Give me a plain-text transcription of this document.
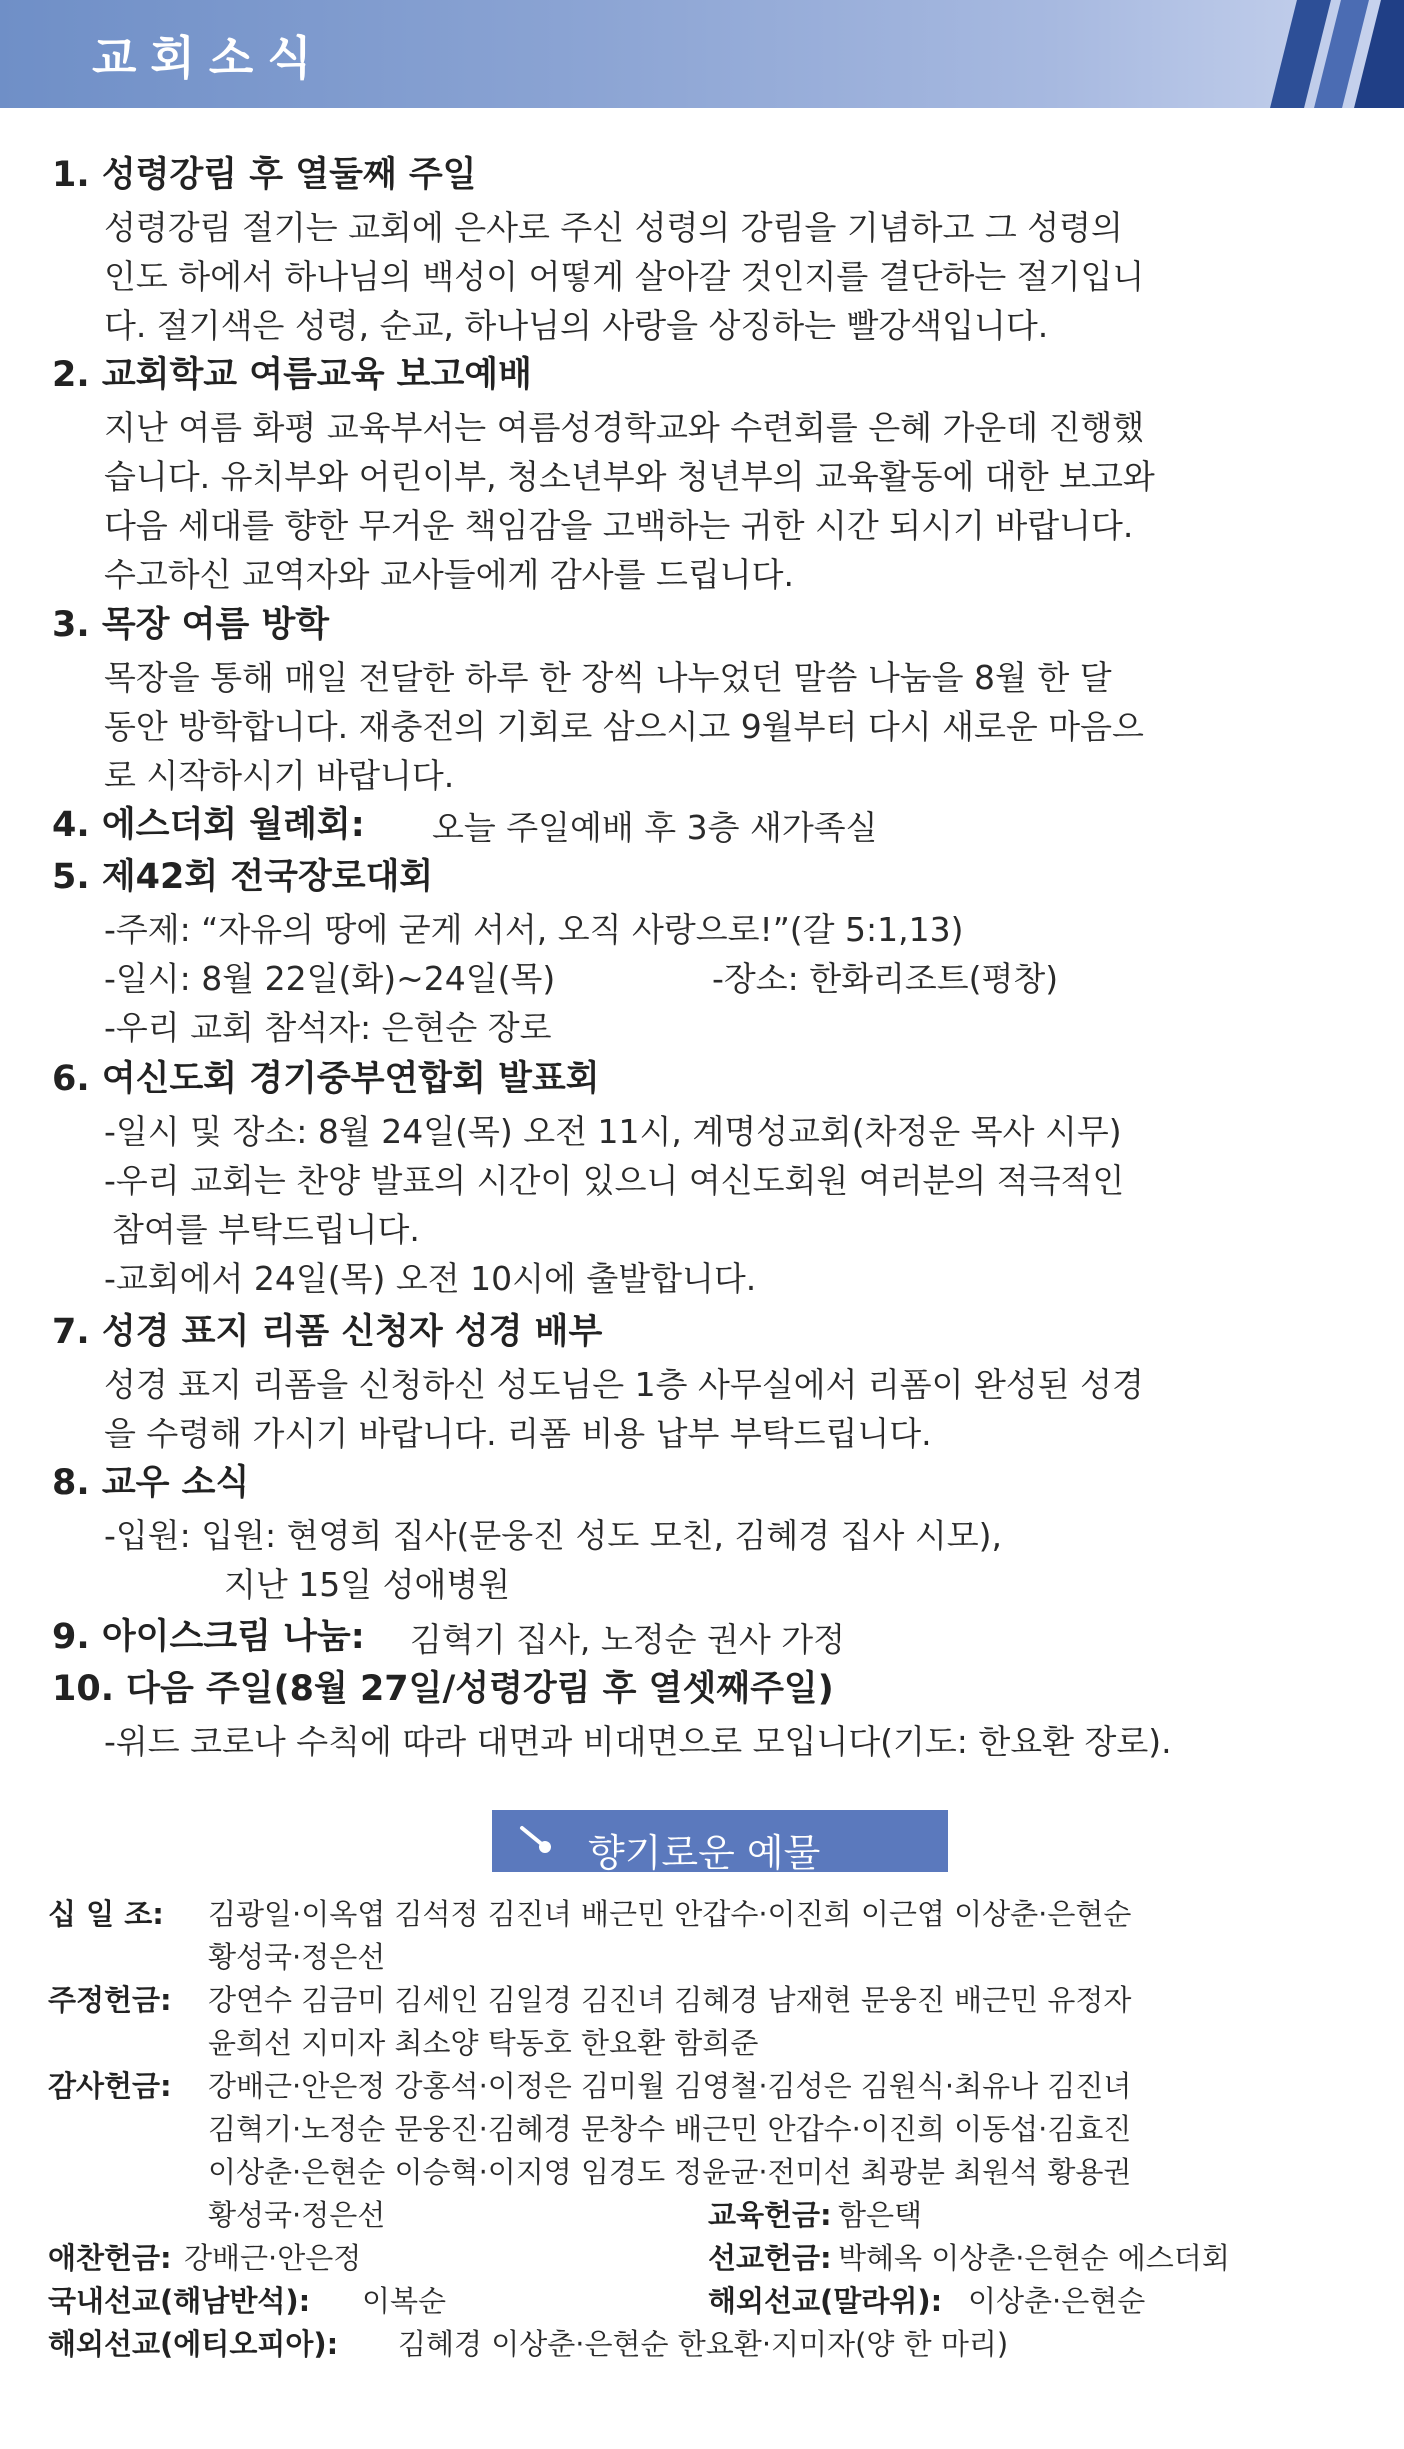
교회소식
1. 성령강림 후 열둘째 주일
성령강림 절기는 교회에 은사로 주신 성령의 강림을 기념하고 그 성령의
인도 하에서 하나님의 백성이 어떻게 살아갈 것인지를 결단하는 절기입니
다. 절기색은 성령, 순교, 하나님의 사랑을 상징하는 빨강색입니다.
2. 교회학교 여름교육 보고예배
지난 여름 화평 교육부서는 여름성경학교와 수련회를 은혜 가운데 진행했
습니다. 유치부와 어린이부, 청소년부와 청년부의 교육활동에 대한 보고와
다음 세대를 향한 무거운 책임감을 고백하는 귀한 시간 되시기 바랍니다.
수고하신 교역자와 교사들에게 감사를 드립니다.
3. 목장 여름 방학
목장을 통해 매일 전달한 하루 한 장씩 나누었던 말씀 나눔을 8월 한 달
동안 방학합니다. 재충전의 기회로 삼으시고 9월부터 다시 새로운 마음으
로 시작하시기 바랍니다.
4. 에스더회 월례회: 오늘 주일예배 후 3층 새가족실
5. 제42회 전국장로대회
-주제: “자유의 땅에 굳게 서서, 오직 사랑으로!”(갈 5:1,13)
-일시: 8월 22일(화)~24일(목)	-장소: 한화리조트(평창)
-우리 교회 참석자: 은현순 장로
6. 여신도회 경기중부연합회 발표회
-일시 및 장소: 8월 24일(목) 오전 11시, 계명성교회(차정운 목사 시무)
-우리 교회는 찬양 발표의 시간이 있으니 여신도회원 여러분의 적극적인
참여를 부탁드립니다.
-교회에서 24일(목) 오전 10시에 출발합니다.
7. 성경 표지 리폼 신청자 성경 배부
성경 표지 리폼을 신청하신 성도님은 1층 사무실에서 리폼이 완성된 성경
을 수령해 가시기 바랍니다. 리폼 비용 납부 부탁드립니다.
8. 교우 소식
-입원: 입원: 현영희 집사(문웅진 성도 모친, 김혜경 집사 시모),
지난 15일 성애병원
9. 아이스크림 나눔: 김혁기 집사, 노정순 권사 가정
10. 다음 주일(8월 27일/성령강림 후 열셋째주일)
-위드 코로나 수칙에 따라 대면과 비대면으로 모입니다(기도: 한요환 장로).
향기로운 예물
십 일 조: 김광일·이옥엽 김석정 김진녀 배근민 안갑수·이진희 이근엽 이상춘·은현순
황성국·정은선
주정헌금: 강연수 김금미 김세인 김일경 김진녀 김혜경 남재현 문웅진 배근민 유정자
윤희선 지미자 최소양 탁동호 한요환 함희준
감사헌금: 강배근·안은정 강홍석·이정은 김미월 김영철·김성은 김원식·최유나 김진녀
김혁기·노정순 문웅진·김혜경 문창수 배근민 안갑수·이진희 이동섭·김효진
이상춘·은현순 이승혁·이지영 임경도 정윤균·전미선 최광분 최원석 황용권
황성국·정은선	교육헌금: 함은택
애찬헌금: 강배근·안은정	선교헌금: 박혜옥 이상춘·은현순 에스더회
국내선교(해남반석): 이복순	해외선교(말라위): 이상춘·은현순
해외선교(에티오피아): 김혜경 이상춘·은현순 한요환·지미자(양 한 마리)
